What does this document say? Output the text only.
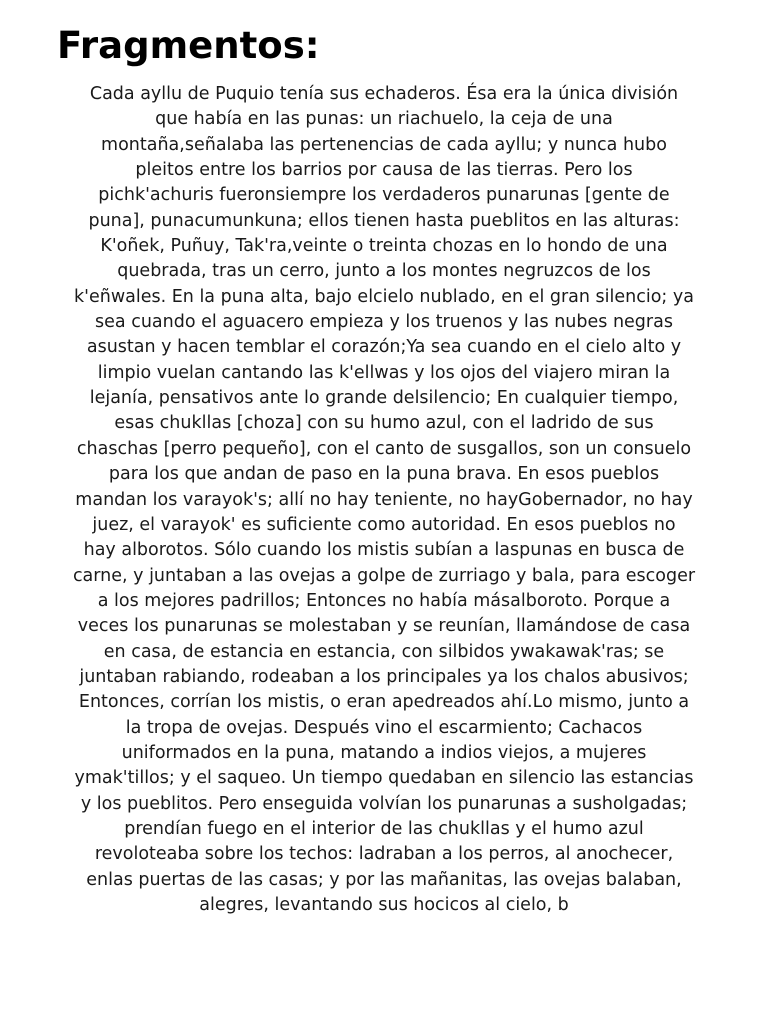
Fragmentos:
Cada ayllu de Puquio tenía sus echaderos. Ésa era la única división
que había en las punas: un riachuelo, la ceja de una
montaña,señalaba las pertenencias de cada ayllu; y nunca hubo
pleitos entre los barrios por causa de las tierras. Pero los
pichk'achuris fueronsiempre los verdaderos punarunas [gente de
puna], punacumunkuna; ellos tienen hasta pueblitos en las alturas:
K'oñek, Puñuy, Tak'ra,veinte o treinta chozas en lo hondo de una
quebrada, tras un cerro, junto a los montes negruzcos de los
k'eñwales. En la puna alta, bajo elcielo nublado, en el gran silencio; ya
sea cuando el aguacero empieza y los truenos y las nubes negras
asustan y hacen temblar el corazón;Ya sea cuando en el cielo alto y
limpio vuelan cantando las k'ellwas y los ojos del viajero miran la
lejanía, pensativos ante lo grande delsilencio; En cualquier tiempo,
esas chukllas [choza] con su humo azul, con el ladrido de sus
chaschas [perro pequeño], con el canto de susgallos, son un consuelo
para los que andan de paso en la puna brava. En esos pueblos
mandan los varayok's; allí no hay teniente, no hayGobernador, no hay
juez, el varayok' es suficiente como autoridad. En esos pueblos no
hay alborotos. Sólo cuando los mistis subían a laspunas en busca de
carne, y juntaban a las ovejas a golpe de zurriago y bala, para escoger
a los mejores padrillos; Entonces no había másalboroto. Porque a
veces los punarunas se molestaban y se reunían, llamándose de casa
en casa, de estancia en estancia, con silbidos ywakawak'ras; se
juntaban rabiando, rodeaban a los principales ya los chalos abusivos;
Entonces, corrían los mistis, o eran apedreados ahí.Lo mismo, junto a
la tropa de ovejas. Después vino el escarmiento; Cachacos
uniformados en la puna, matando a indios viejos, a mujeres
ymak'tillos; y el saqueo. Un tiempo quedaban en silencio las estancias
y los pueblitos. Pero enseguida volvían los punarunas a susholgadas;
prendían fuego en el interior de las chukllas y el humo azul
revoloteaba sobre los techos: ladraban a los perros, al anochecer,
enlas puertas de las casas; y por las mañanitas, las ovejas balaban,
alegres, levantando sus hocicos al cielo, b
